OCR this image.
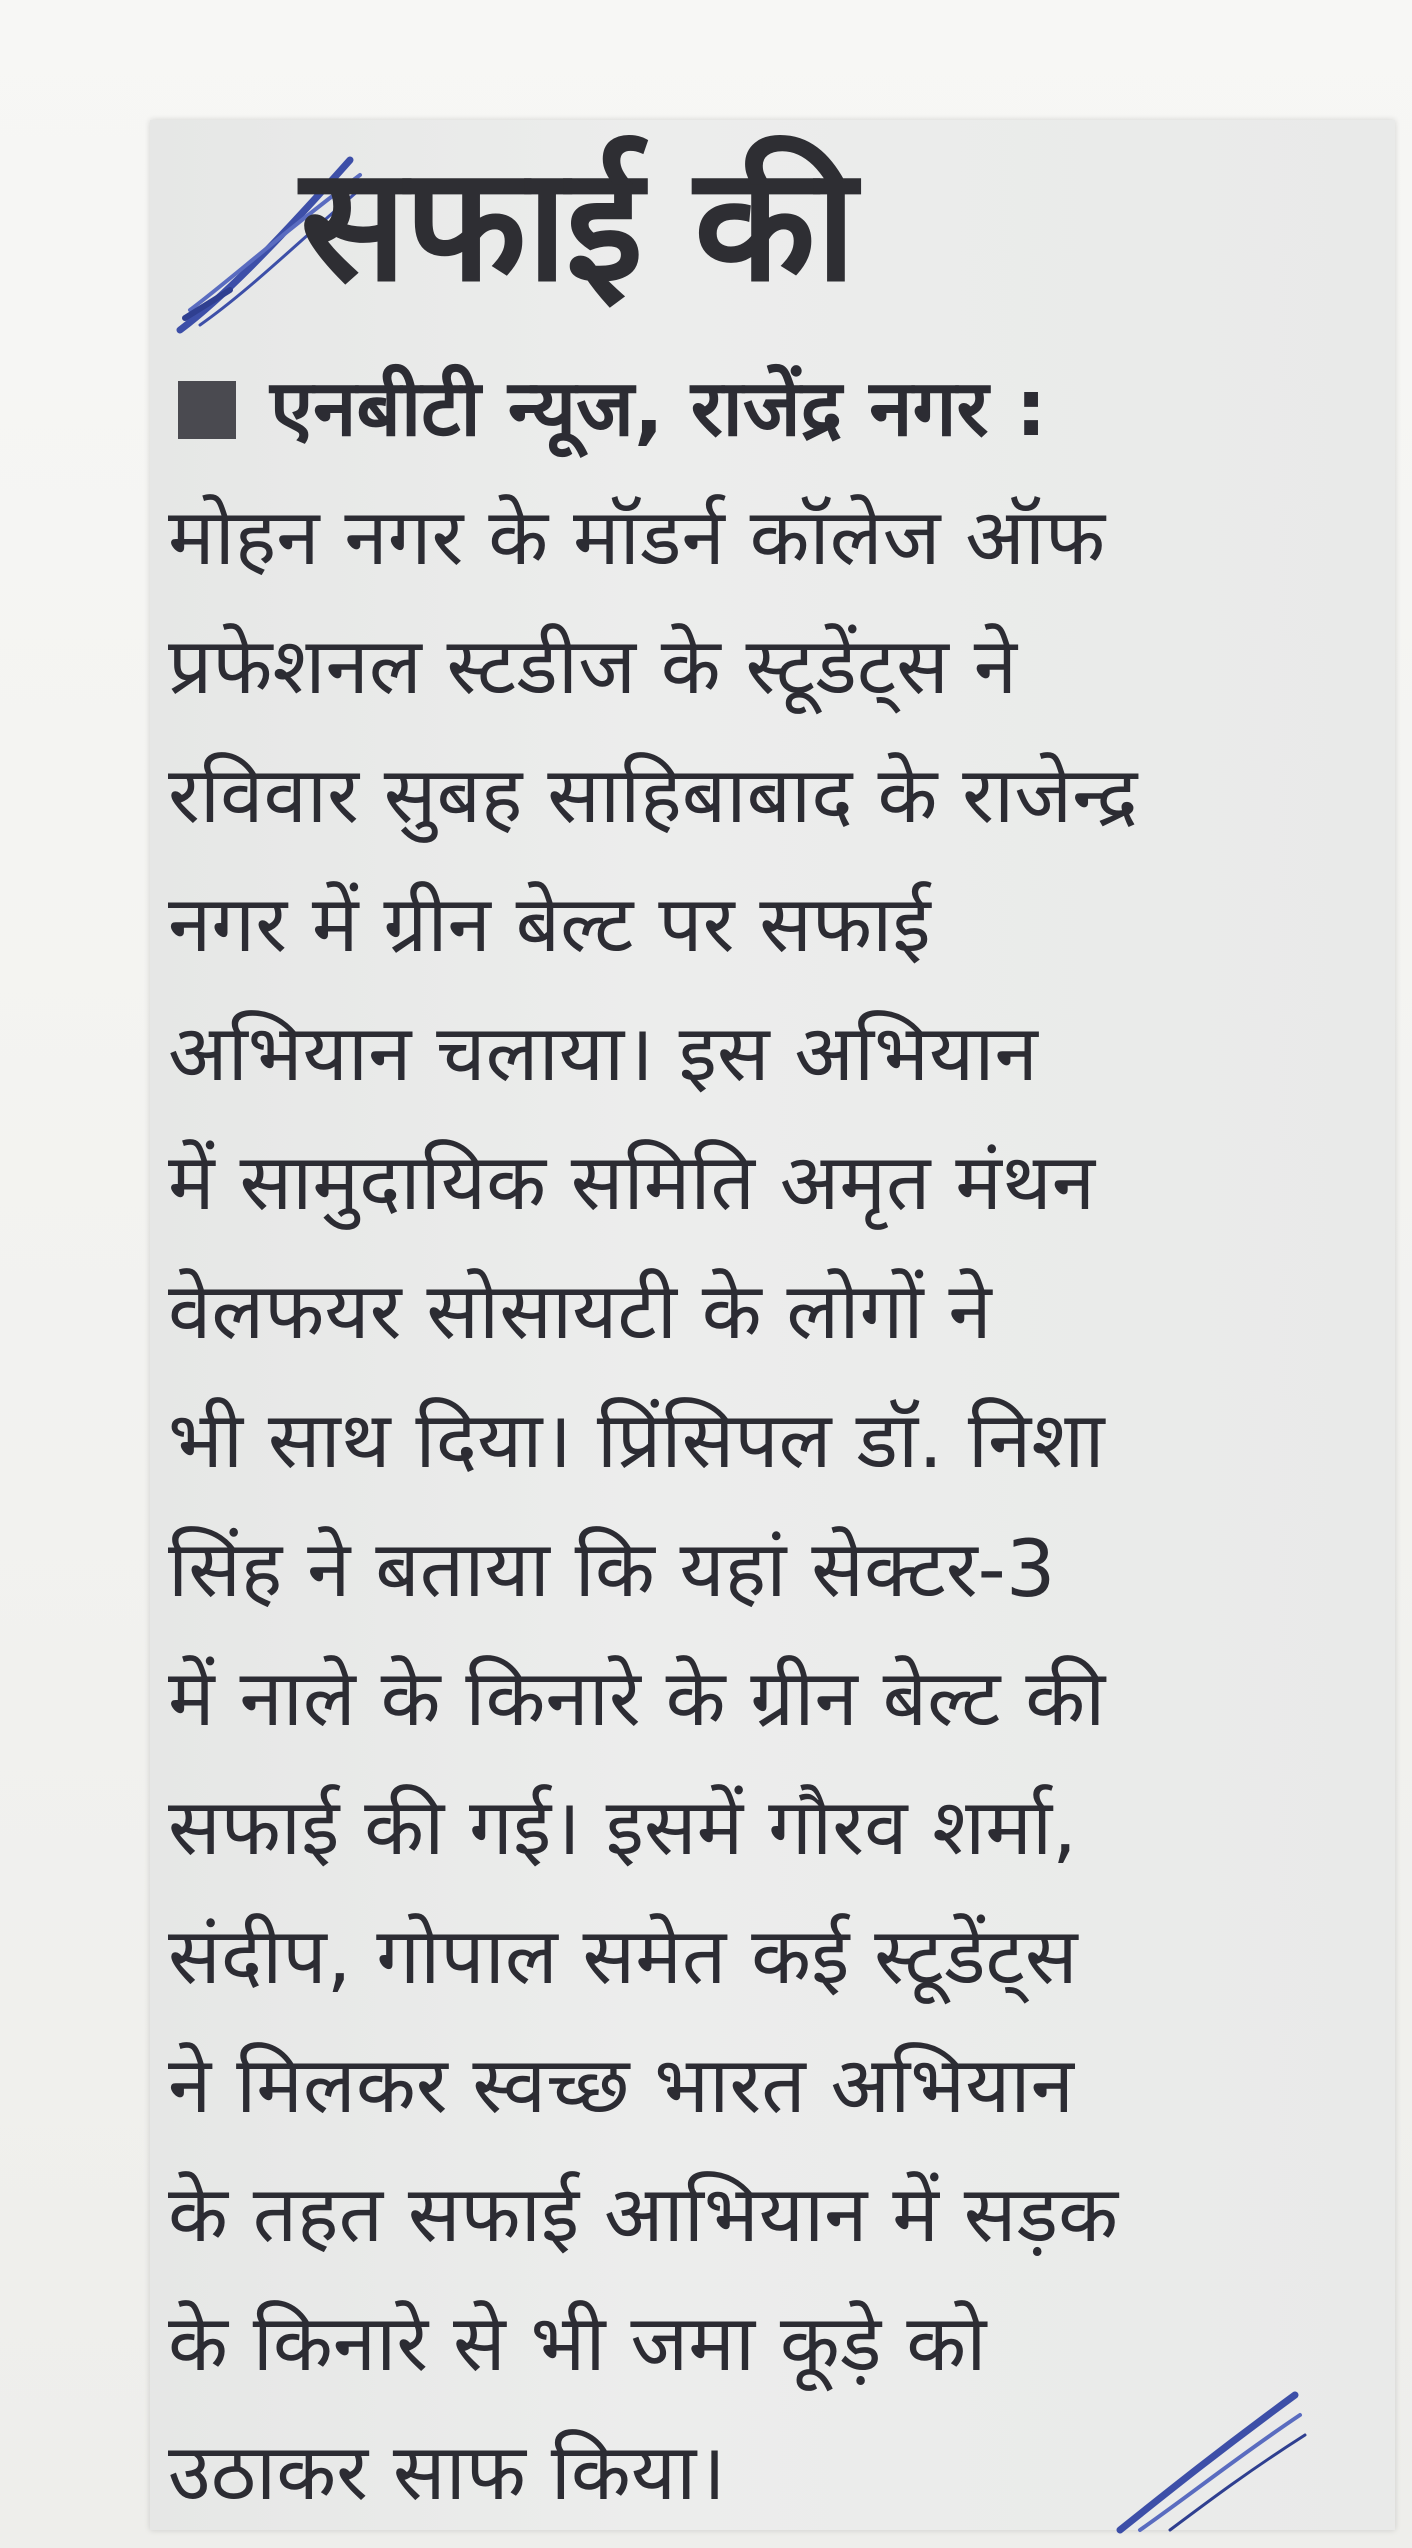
सफाई की
एनबीटी न्यूज, राजेंद्र नगर :
मोहन नगर के मॉडर्न कॉलेज ऑफ
प्रफेशनल स्टडीज के स्टूडेंट्स ने
रविवार सुबह साहिबाबाद के राजेन्द्र
नगर में ग्रीन बेल्ट पर सफाई
अभियान चलाया। इस अभियान
में सामुदायिक समिति अमृत मंथन
वेलफयर सोसायटी के लोगों ने
भी साथ दिया। प्रिंसिपल डॉ. निशा
सिंह ने बताया कि यहां सेक्टर-3
में नाले के किनारे के ग्रीन बेल्ट की
सफाई की गई। इसमें गौरव शर्मा,
संदीप, गोपाल समेत कई स्टूडेंट्स
ने मिलकर स्वच्छ भारत अभियान
के तहत सफाई आभियान में सड़क
के किनारे से भी जमा कूड़े को
उठाकर साफ किया।
